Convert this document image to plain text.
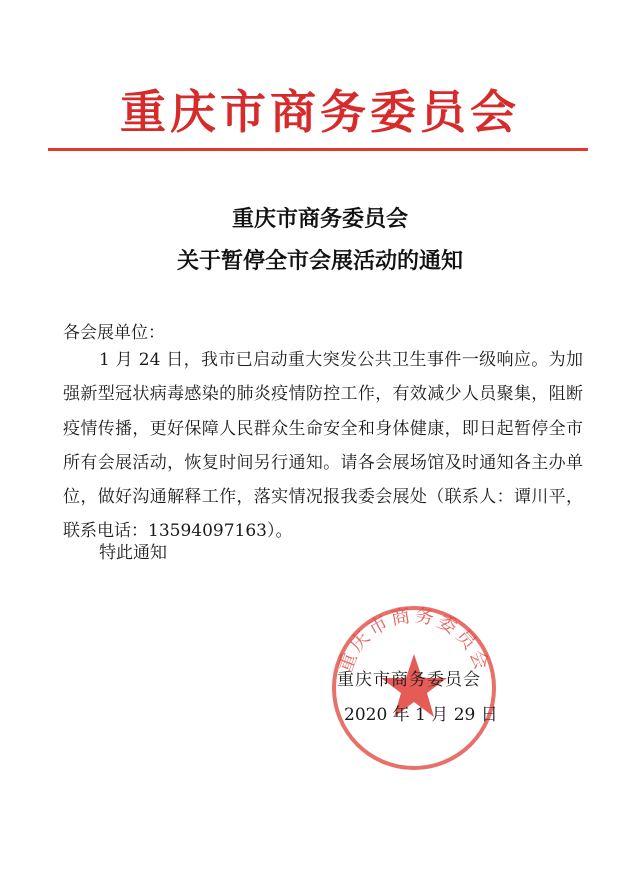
重庆市商务委员会
重庆市商务委员会
关于暂停全市会展活动的通知
各会展单位：

1 月 24 日，我市已启动重大突发公共卫生事件一级响应。为加强新型冠状病毒感染的肺炎疫情防控工作，有效减少人员聚集，阻断疫情传播，更好保障人民群众生命安全和身体健康，即日起暂停全市所有会展活动，恢复时间另行通知。请各会展场馆及时通知各主办单位，做好沟通解释工作，落实情况报我委会展处（联系人：谭川平，联系电话：13594097163）。

特此通知
重庆市商务委员会
重庆市商务委员会
2020 年 1 月 29 日
